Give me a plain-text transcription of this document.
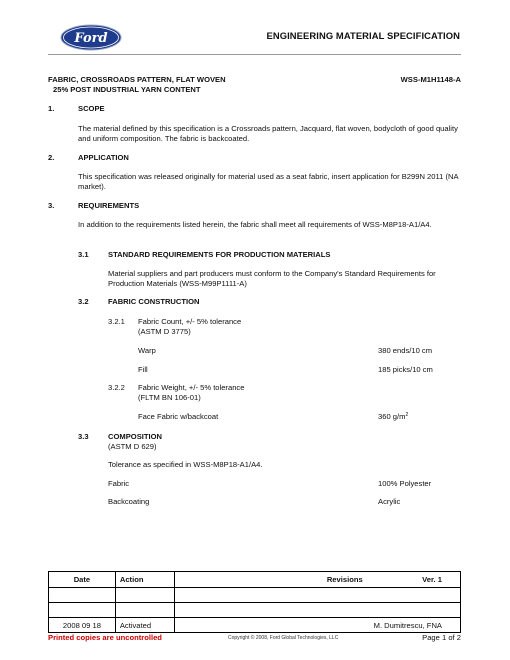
Ford	ENGINEERING MATERIAL SPECIFICATION
FABRIC, CROSSROADS PATTERN, FLAT WOVEN
25% POST INDUSTRIAL YARN CONTENT
WSS-M1H1148-A
1.	SCOPE
The material defined by this specification is a Crossroads pattern, Jacquard, flat woven, bodycloth of good quality and uniform composition. The fabric is backcoated.
2.	APPLICATION
This specification was released originally for material used as a seat fabric, insert application for B299N 2011 (NA market).
3.	REQUIREMENTS
In addition to the requirements listed herein, the fabric shall meet all requirements of WSS-M8P18-A1/A4.
3.1	STANDARD REQUIREMENTS FOR PRODUCTION MATERIALS
Material suppliers and part producers must conform to the Company's Standard Requirements for Production Materials (WSS-M99P1111-A)
3.2	FABRIC CONSTRUCTION
3.2.1 Fabric Count, +/- 5% tolerance
(ASTM D 3775)
Warp	380 ends/10 cm
Fill	185 picks/10 cm
3.2.2 Fabric Weight, +/- 5% tolerance
(FLTM BN 106-01)
Face Fabric w/backcoat	360 $g/m^2$
3.3	COMPOSITION
(ASTM D 629)
Tolerance as specified in WSS-M8P18-A1/A4.
Fabric	100% Polyester
Backcoating	Acrylic
Date	Action	Revisions	Ver. 1

2008 09 18	Activated	M. Dumitrescu, FNA	
Printed copies are uncontrolled	Copyright © 2008, Ford Global Technologies, LLC	Page 1 of 2
